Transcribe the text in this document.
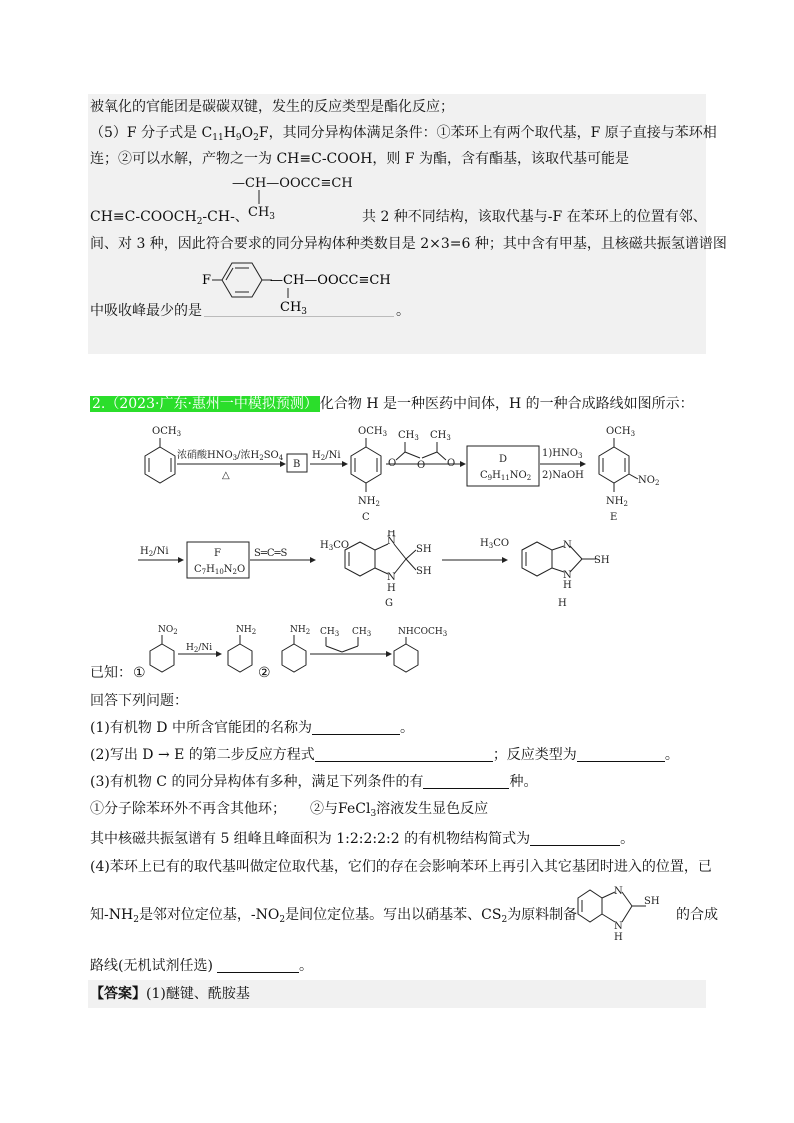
被氧化的官能团是碳碳双键，发生的反应类型是酯化反应；
（5）F 分子式是 $C_{11}H_9O_2F$，其同分异构体满足条件：①苯环上有两个取代基，F 原子直接与苯环相
连；②可以水解，产物之一为 CH≡C-COOH，则 F 为酯，含有酯基，该取代基可能是
—CH—OOCC≡CH
$CH_3$
$CH\equiv C-COOCH_2-CH-$、	共 2 种不同结构，该取代基与-F 在苯环上的位置有邻、
间、对 3 种，因此符合要求的同分异构体种类数目是 2×3=6 种；其中含有甲基，且核磁共振氢谱谱图
F	—CH—OOCC≡CH
$CH_3$
中吸收峰最少的是	。
2.（2023·广东·惠州一中模拟预测） 化合物 H 是一种医药中间体，H 的一种合成路线如图所示：
$OCH_3$
浓硝酸$HNO_3/$浓$H_2SO_4$
△
B
$H_2/Ni$
$OCH_3$
$NH_2$
C
$CH_3$ $CH_3$
O O O	D
$C_9H_{11}NO_2$
$1)HNO_3$
2)NaOH
$OCH_3$
$NO_2$
$NH_2$
E
$H_2/Ni$	F
$C_7H_{10}N_2O$
S═C═S
$H_3CO$	N
N
H
H
SH
SH
G
$H_3CO$	N
N
H
SH
H
$NO_2$
$H_2/Ni$
$NH_2$	$NH_2$ $CH_3$ $CH_3$	$NHCOCH_3$
已知： ①	②
回答下列问题：
(1)有机物 D 中所含官能团的名称为	。
(2)写出 D → E 的第二步反应方程式	；反应类型为	。
(3)有机物 C 的同分异构体有多种，满足下列条件的有	种。
①分子除苯环外不再含其他环； ②与FeCl$_3$溶液发生显色反应
其中核磁共振氢谱有 5 组峰且峰面积为 1:2:2:2:2 的有机物结构简式为	。
(4)苯环上已有的取代基叫做定位取代基，它们的存在会影响苯环上再引入其它基团时进入的位置，已
知$-NH_2$是邻对位定位基，$-NO_2$是间位定位基。写出以硝基苯、$CS_2$为原料制备
N
N
H
SH
的合成
路线(无机试剂任选)	。
【答案】(1)醚键、酰胺基
